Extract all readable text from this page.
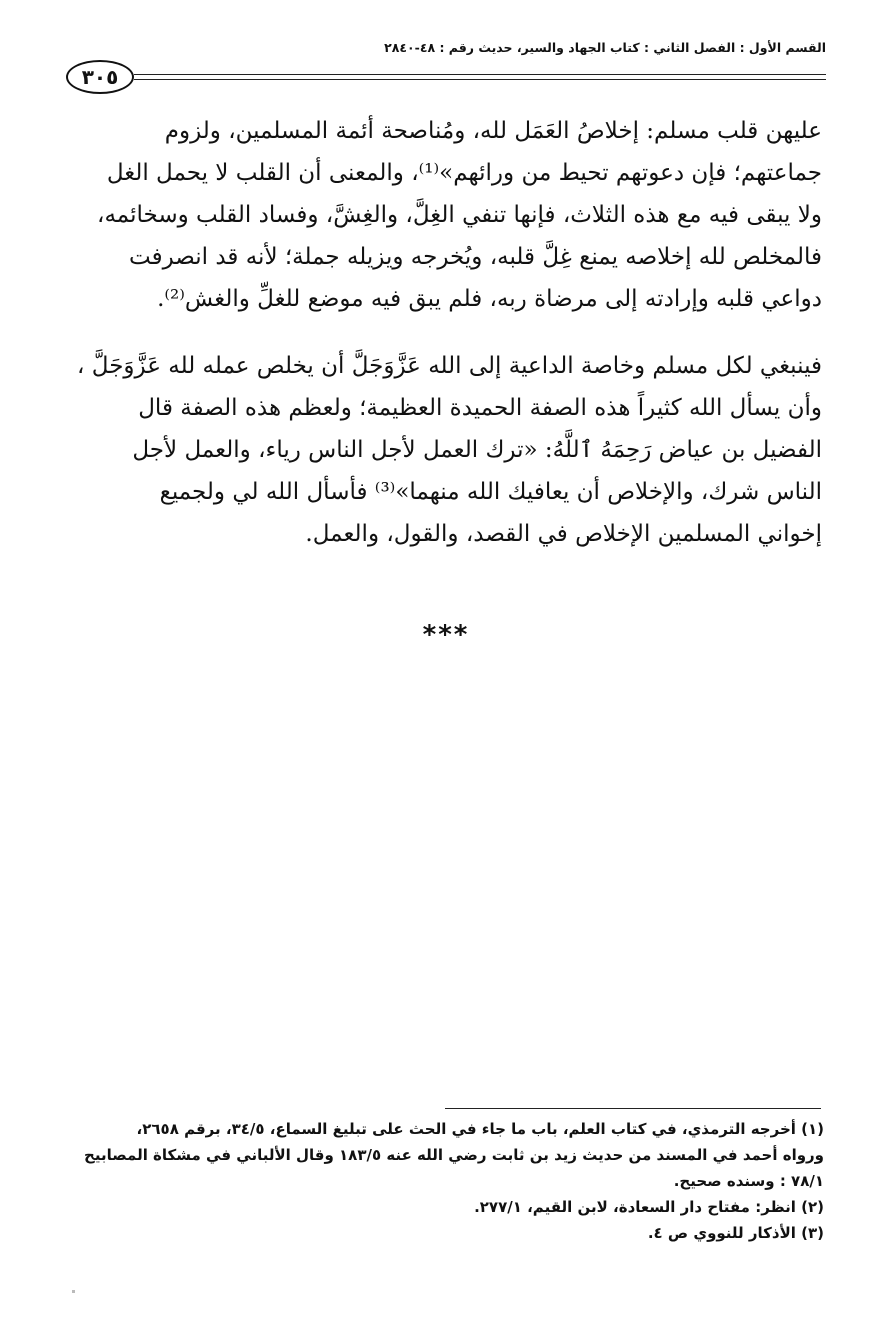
القسم الأول : الفصل الثاني : كتاب الجهاد والسير، حديث رقم : ٤٨-٢٨٤٠
٣٠٥
عليهن قلب مسلم: إخلاصُ العَمَل لله، ومُناصحة أئمة المسلمين، ولزوم
جماعتهم؛ فإن دعوتهم تحيط من ورائهم»⁽¹⁾، والمعنى أن القلب لا يحمل الغل
ولا يبقى فيه مع هذه الثلاث، فإنها تنفي الغِلَّ، والغِشَّ، وفساد القلب وسخائمه،
فالمخلص لله إخلاصه يمنع غِلَّ قلبه، ويُخرجه ويزيله جملة؛ لأنه قد انصرفت
دواعي قلبه وإرادته إلى مرضاة ربه، فلم يبق فيه موضع للغلِّ والغش⁽²⁾.
فينبغي لكل مسلم وخاصة الداعية إلى الله عَزَّوَجَلَّ أن يخلص عمله لله عَزَّوَجَلَّ ،
وأن يسأل الله كثيراً هذه الصفة الحميدة العظيمة؛ ولعظم هذه الصفة قال
الفضيل بن عياض رَحِمَهُ ٱللَّهُ: «ترك العمل لأجل الناس رياء، والعمل لأجل
الناس شرك، والإخلاص أن يعافيك الله منهما»⁽³⁾ فأسأل الله لي ولجميع
إخواني المسلمين الإخلاص في القصد، والقول، والعمل.
***
(١) أخرجه الترمذي، في كتاب العلم، باب ما جاء في الحث على تبليغ السماع، ٣٤/٥، برقم ٢٦٥٨،
ورواه أحمد في المسند من حديث زيد بن ثابت رضي الله عنه ١٨٣/٥ وقال الألباني في مشكاة المصابيح
٧٨/١ : وسنده صحيح.
(٢) انظر: مفتاح دار السعادة، لابن القيم، ٢٧٧/١.
(٣) الأذكار للنووي ص ٤.
